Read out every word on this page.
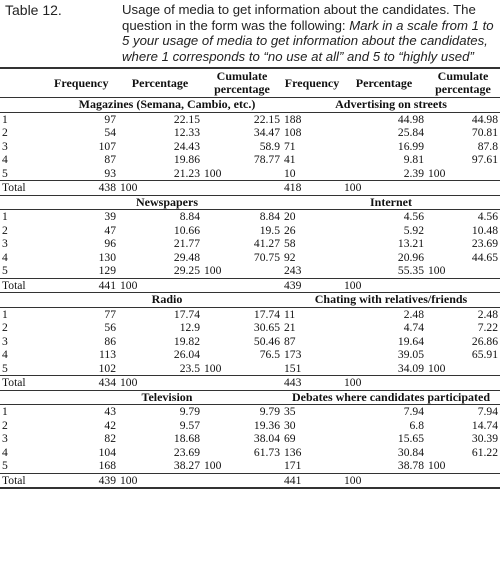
Table 12.	Usage of media to get information about the candidates. The question in the form was the following: Mark in a scale from 1 to 5 your usage of media to get information about the candidates, where 1 corresponds to “no use at all” and 5 to “highly used”
	Frequency	Percentage	Cumulate percentage	Frequency	Percentage	Cumulate percentage
	Magazines (Semana, Cambio, etc.)			Advertising on streets		
1	97	22.15	22.15	188	44.98	44.98
2	54	12.33	34.47	108	25.84	70.81
3	107	24.43	58.9	71	16.99	87.8
4	87	19.86	78.77	41	9.81	97.61
5	93	21.23	100	10	2.39	100
Total	438	100		418	100	
	Newspapers			Internet		
1	39	8.84	8.84	20	4.56	4.56
2	47	10.66	19.5	26	5.92	10.48
3	96	21.77	41.27	58	13.21	23.69
4	130	29.48	70.75	92	20.96	44.65
5	129	29.25	100	243	55.35	100
Total	441	100		439	100	
	Radio			Chating with relatives/friends		
1	77	17.74	17.74	11	2.48	2.48
2	56	12.9	30.65	21	4.74	7.22
3	86	19.82	50.46	87	19.64	26.86
4	113	26.04	76.5	173	39.05	65.91
5	102	23.5	100	151	34.09	100
Total	434	100		443	100	
	Television			Debates where candidates participated		
1	43	9.79	9.79	35	7.94	7.94
2	42	9.57	19.36	30	6.8	14.74
3	82	18.68	38.04	69	15.65	30.39
4	104	23.69	61.73	136	30.84	61.22
5	168	38.27	100	171	38.78	100
Total	439	100		441	100	
